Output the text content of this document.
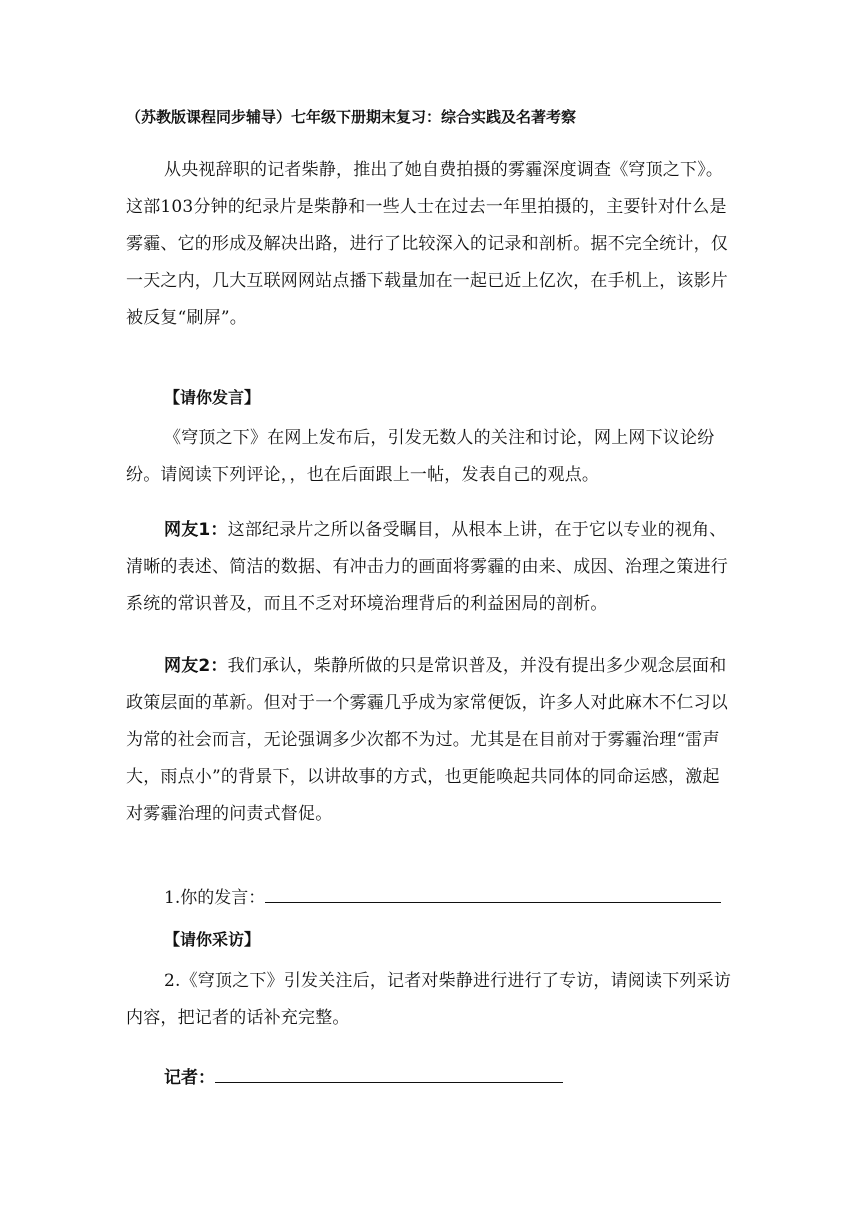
（苏教版课程同步辅导）七年级下册期末复习：综合实践及名著考察

从央视辞职的记者柴静，推出了她自费拍摄的雾霾深度调查《穹顶之下》。这部103分钟的纪录片是柴静和一些人士在过去一年里拍摄的，主要针对什么是雾霾、它的形成及解决出路，进行了比较深入的记录和剖析。据不完全统计，仅一天之内，几大互联网网站点播下载量加在一起已近上亿次，在手机上，该影片被反复“刷屏”。

【请你发言】

《穹顶之下》在网上发布后，引发无数人的关注和讨论，网上网下议论纷纷。请阅读下列评论，，也在后面跟上一帖，发表自己的观点。

网友1：这部纪录片之所以备受瞩目，从根本上讲，在于它以专业的视角、清晰的表述、简洁的数据、有冲击力的画面将雾霾的由来、成因、治理之策进行系统的常识普及，而且不乏对环境治理背后的利益困局的剖析。

网友2：我们承认，柴静所做的只是常识普及，并没有提出多少观念层面和政策层面的革新。但对于一个雾霾几乎成为家常便饭，许多人对此麻木不仁习以为常的社会而言，无论强调多少次都不为过。尤其是在目前对于雾霾治理“雷声大，雨点小”的背景下，以讲故事的方式，也更能唤起共同体的同命运感，激起对雾霾治理的问责式督促。

1.你的发言：
【请你采访】

2.《穹顶之下》引发关注后，记者对柴静进行进行了专访，请阅读下列采访内容，把记者的话补充完整。

记者：
